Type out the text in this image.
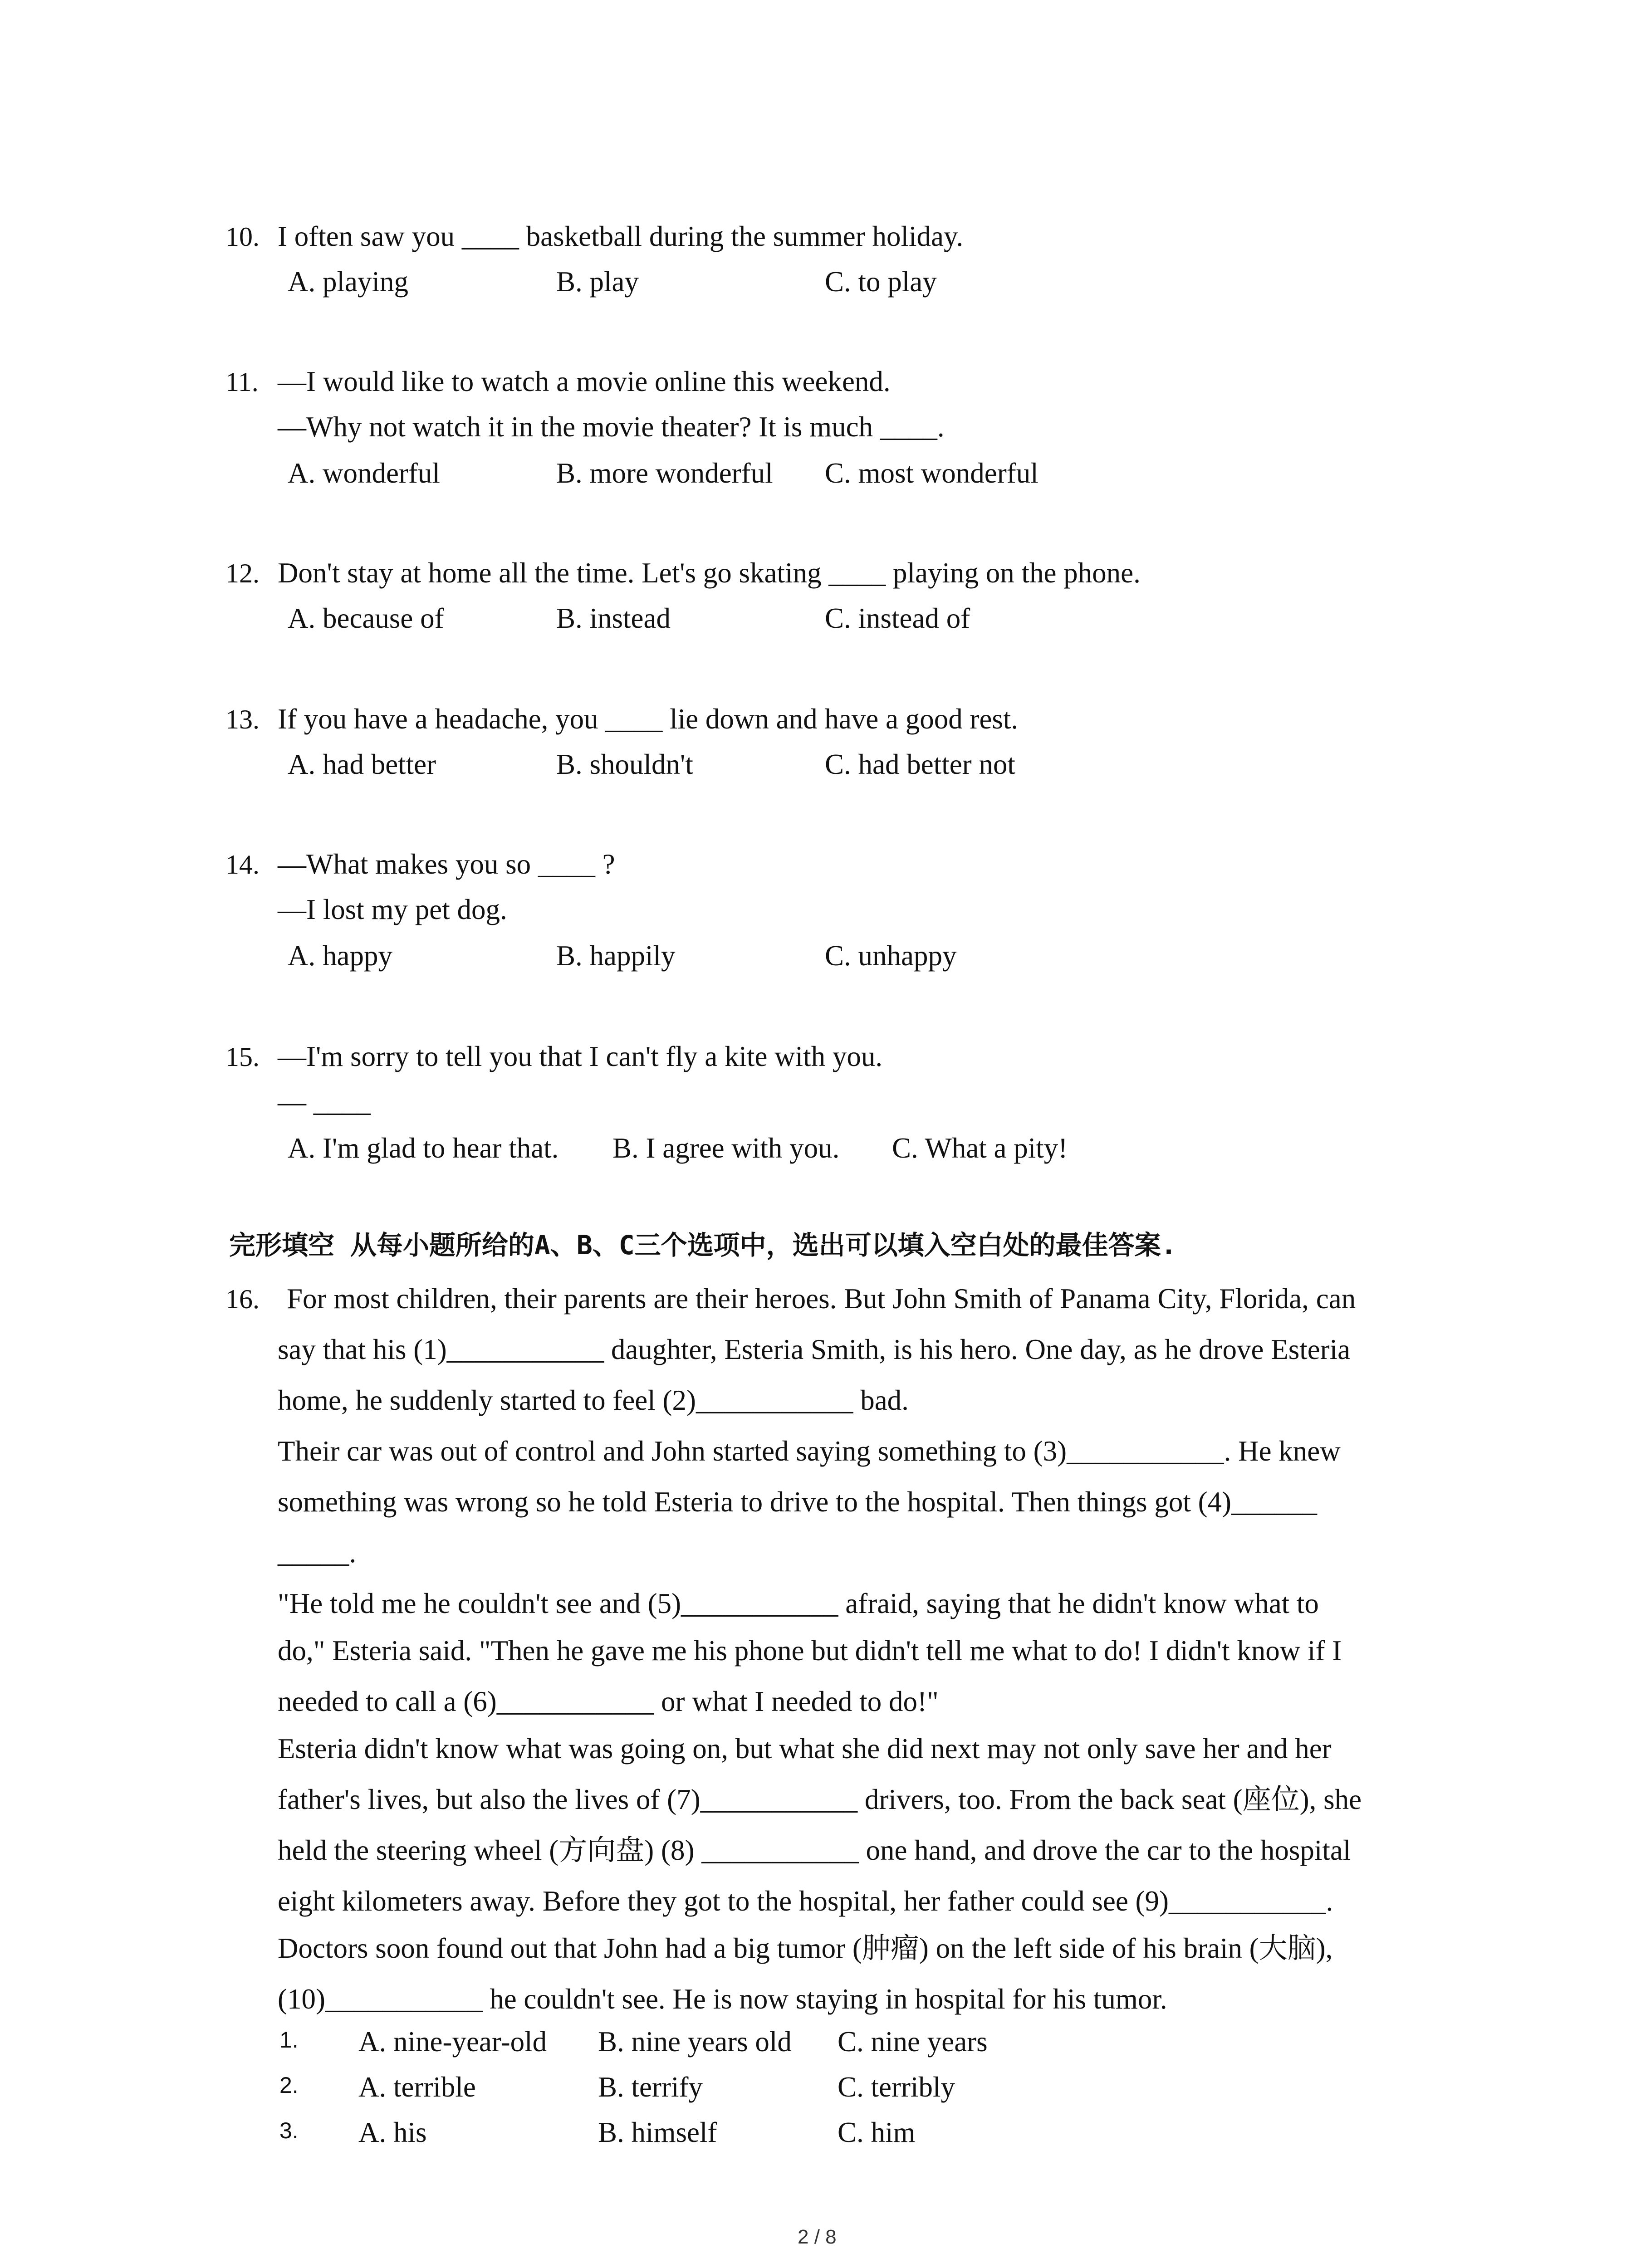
10. I often saw you ____ basketball during the summer holiday.
A. playing	B. play	C. to play
11. —I would like to watch a movie online this weekend.
—Why not watch it in the movie theater? It is much ____.
A. wonderful	B. more wonderful C. most wonderful
12. Don't stay at home all the time. Let's go skating ____ playing on the phone.
A. because of	B. instead	C. instead of
13. If you have a headache, you ____ lie down and have a good rest.
A. had better	B. shouldn't	C. had better not
14. —What makes you so ____ ?
—I lost my pet dog.
A. happy	B. happily	C. unhappy
15. —I'm sorry to tell you that I can't fly a kite with you.
— ____
A. I'm glad to hear that. B. I agree with you. C. What a pity!
完形填空 从每小题所给的A、B、C三个选项中，选出可以填入空白处的最佳答案.
16. For most children, their parents are their heroes. But John Smith of Panama City, Florida, can
say that his (1)___________ daughter, Esteria Smith, is his hero. One day, as he drove Esteria
home, he suddenly started to feel (2)___________ bad.
Their car was out of control and John started saying something to (3)___________. He knew
something was wrong so he told Esteria to drive to the hospital. Then things got (4)______
_____.
"He told me he couldn't see and (5)___________ afraid, saying that he didn't know what to
do," Esteria said. "Then he gave me his phone but didn't tell me what to do! I didn't know if I
needed to call a (6)___________ or what I needed to do!"
Esteria didn't know what was going on, but what she did next may not only save her and her
father's lives, but also the lives of (7)___________ drivers, too. From the back seat (座位), she
held the steering wheel (方向盘) (8) ___________ one hand, and drove the car to the hospital
eight kilometers away. Before they got to the hospital, her father could see (9)___________.
Doctors soon found out that John had a big tumor (肿瘤) on the left side of his brain (大脑),
(10)___________ he couldn't see. He is now staying in hospital for his tumor.
1. A. nine-year-old B. nine years old C. nine years
2. A. terrible	B. terrify	C. terribly
3. A. his	B. himself	C. him
2 / 8
